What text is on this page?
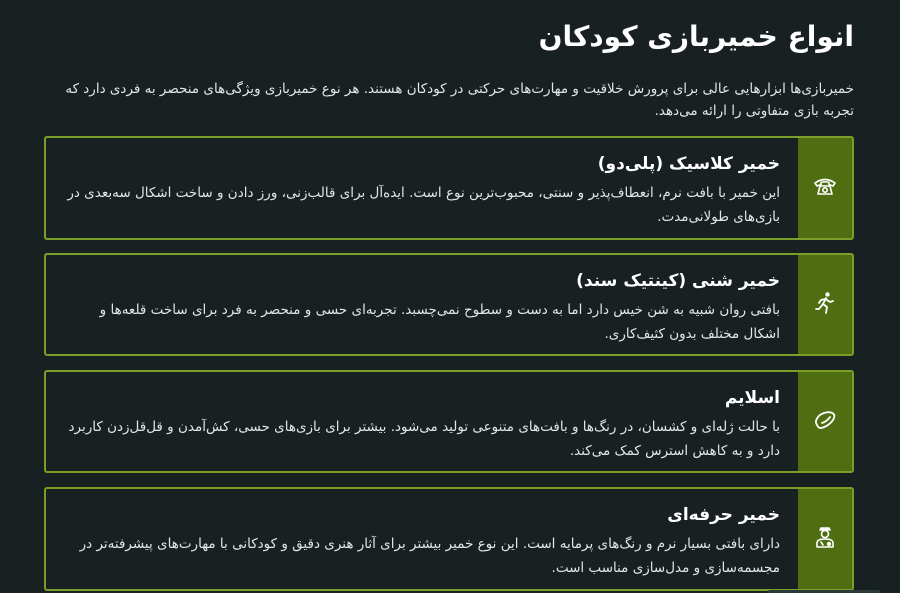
انواع خمیربازی کودکان

خمیربازی‌ها ابزارهایی عالی برای پرورش خلاقیت و مهارت‌های حرکتی در کودکان هستند. هر نوع خمیربازی ویژگی‌های منحصر به فردی دارد که تجربه بازی متفاوتی را ارائه می‌دهد.

خمیر کلاسیک (پلی‌دو)

این خمیر با بافت نرم، انعطاف‌پذیر و سنتی، محبوب‌ترین نوع است. ایده‌آل برای قالب‌زنی، ورز دادن و ساخت اشکال سه‌بعدی در بازی‌های طولانی‌مدت.

خمیر شنی (کینتیک سند)

بافتی روان شبیه به شن خیس دارد اما به دست و سطوح نمی‌چسبد. تجربه‌ای حسی و منحصر به فرد برای ساخت قلعه‌ها و اشکال مختلف بدون کثیف‌کاری.

اسلایم

با حالت ژله‌ای و کشسان، در رنگ‌ها و بافت‌های متنوعی تولید می‌شود. بیشتر برای بازی‌های حسی، کش‌آمدن و قل‌قل‌زدن کاربرد دارد و به کاهش استرس کمک می‌کند.

خمیر حرفه‌ای

دارای بافتی بسیار نرم و رنگ‌های پرمایه است. این نوع خمیر بیشتر برای آثار هنری دقیق و کودکانی با مهارت‌های پیشرفته‌تر در مجسمه‌سازی و مدل‌سازی مناسب است.
